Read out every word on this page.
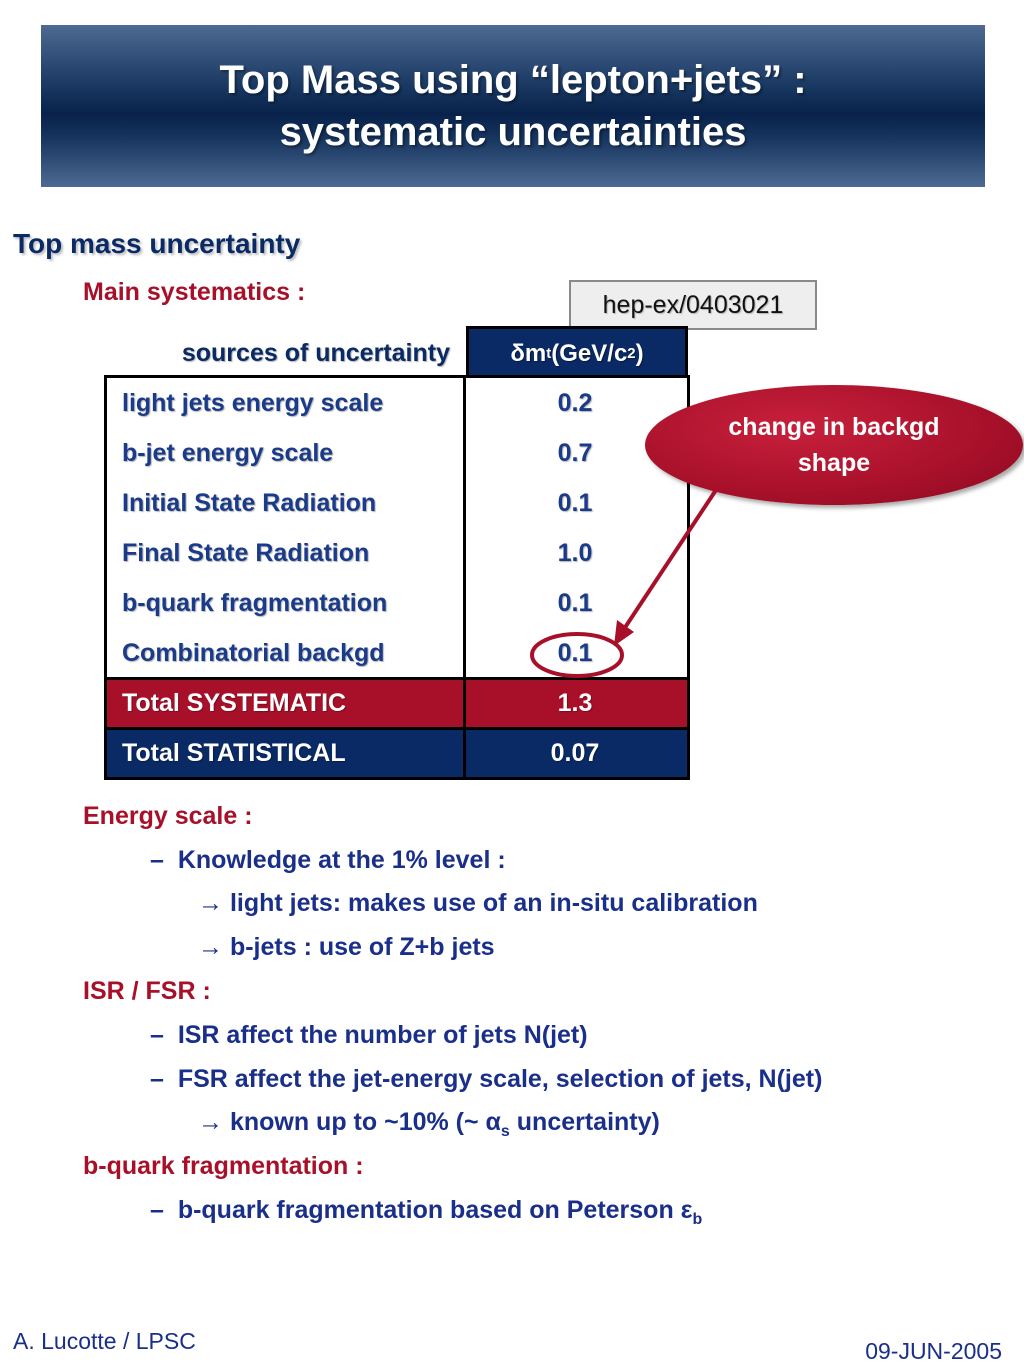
Top Mass using “lepton+jets” :
systematic uncertainties
Top mass uncertainty
Main systematics :	hep-ex/0403021
sources of uncertainty	δm t (GeV/c 2 )
light jets energy scale	0.2
b-jet energy scale	0.7
Initial State Radiation	0.1
Final State Radiation	1.0
b-quark fragmentation	0.1
Combinatorial backgd	0.1
Total SYSTEMATIC	1.3
Total STATISTICAL	0.07
change in backgd
shape
Energy scale :
– Knowledge at the 1% level :
→ light jets: makes use of an in-situ calibration
→ b-jets : use of Z+b jets
ISR / FSR :
– ISR affect the number of jets N(jet)
– FSR affect the jet-energy scale, selection of jets, N(jet)
→ known up to ~10% (~ $\alpha_s$ uncertainty)
b-quark fragmentation :
– b-quark fragmentation based on Peterson $\varepsilon_b$
A. Lucotte / LPSC	09-JUN-2005
